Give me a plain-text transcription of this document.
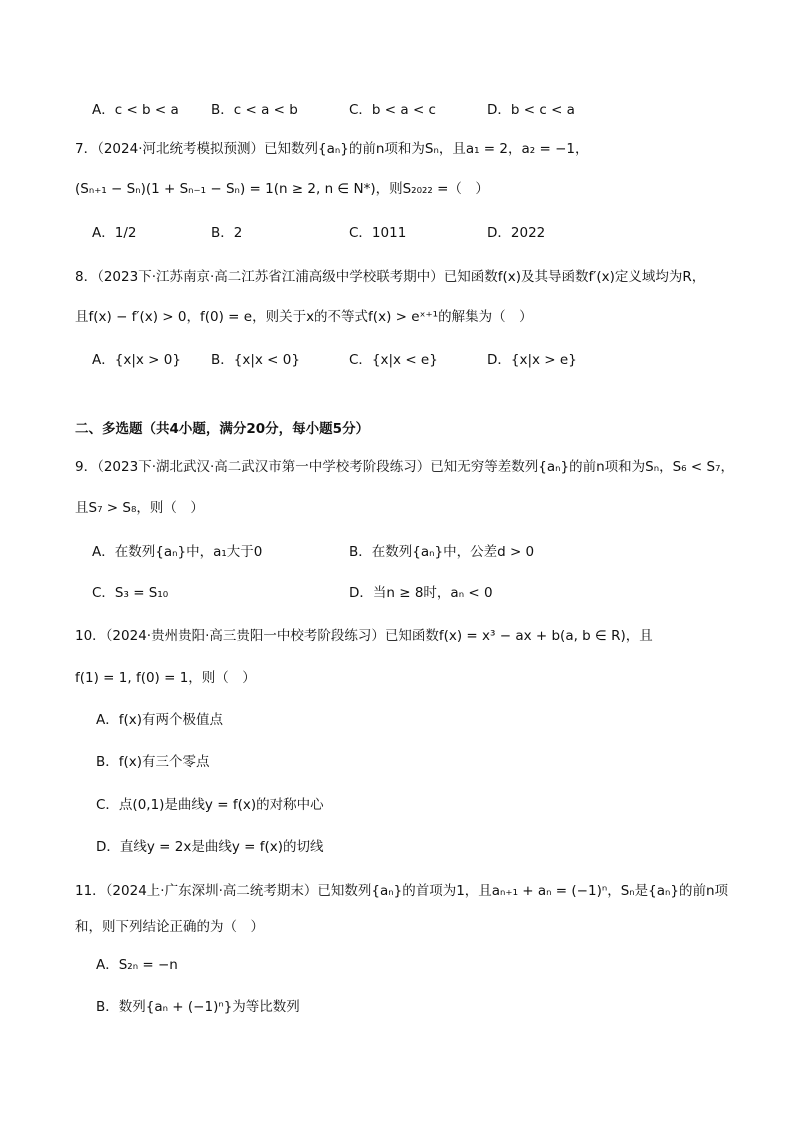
A．c < b < a B．c < a < b	C．b < a < c	D．b < c < a
7．（2024·河北统考模拟预测）已知数列{aₙ}的前n项和为Sₙ，且a₁ = 2，a₂ = −1，
(Sₙ₊₁ − Sₙ)(1 + Sₙ₋₁ − Sₙ) = 1(n ≥ 2, n ∈ N*)，则S₂₀₂₂ =（　）
A．1/2	B．2	C．1011	D．2022
8．（2023下·江苏南京·高二江苏省江浦高级中学校联考期中）已知函数f(x)及其导函数f′(x)定义域均为R，
且f(x) − f′(x) > 0，f(0) = e，则关于x的不等式f(x) > eˣ⁺¹的解集为（　）
A．{x|x > 0} B．{x|x < 0}	C．{x|x < e}	D．{x|x > e}
二、多选题（共4小题，满分20分，每小题5分）
9．（2023下·湖北武汉·高二武汉市第一中学校考阶段练习）已知无穷等差数列{aₙ}的前n项和为Sₙ，S₆ < S₇，
且S₇ > S₈，则（　）
A．在数列{aₙ}中，a₁大于0	B．在数列{aₙ}中，公差d > 0
C．S₃ = S₁₀	D．当n ≥ 8时，aₙ < 0
10．（2024·贵州贵阳·高三贵阳一中校考阶段练习）已知函数f(x) = x³ − ax + b(a, b ∈ R)，且
f(1) = 1, f(0) = 1，则（　）
A．f(x)有两个极值点
B．f(x)有三个零点
C．点(0,1)是曲线y = f(x)的对称中心
D．直线y = 2x是曲线y = f(x)的切线
11．（2024上·广东深圳·高二统考期末）已知数列{aₙ}的首项为1，且aₙ₊₁ + aₙ = (−1)ⁿ，Sₙ是{aₙ}的前n项
和，则下列结论正确的为（　）
A．S₂ₙ = −n
B．数列{aₙ + (−1)ⁿ}为等比数列
